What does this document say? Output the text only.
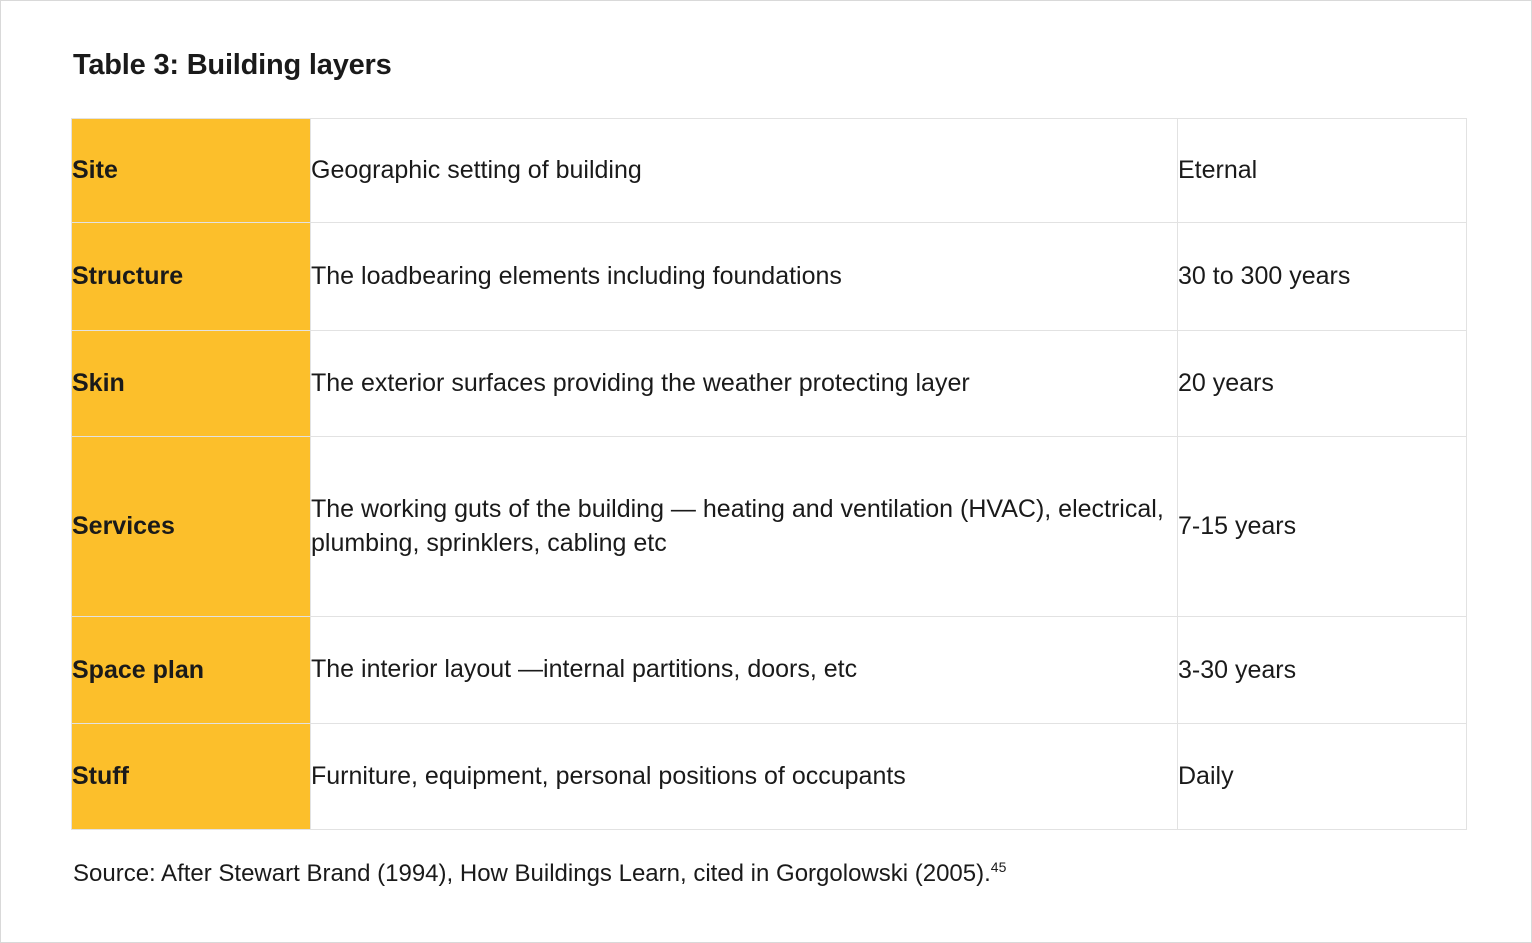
Table 3: Building layers
Site	Geographic setting of building	Eternal
Structure	The loadbearing elements including foundations	30 to 300 years
Skin	The exterior surfaces providing the weather protecting layer	20 years
Services	The working guts of the building — heating and ventilation (HVAC), electrical, plumbing, sprinklers, cabling etc	7-15 years
Space plan	The interior layout —internal partitions, doors, etc	3-30 years
Stuff	Furniture, equipment, personal positions of occupants	Daily
Source: After Stewart Brand (1994), How Buildings Learn, cited in Gorgolowski (2005).$^{45}$
